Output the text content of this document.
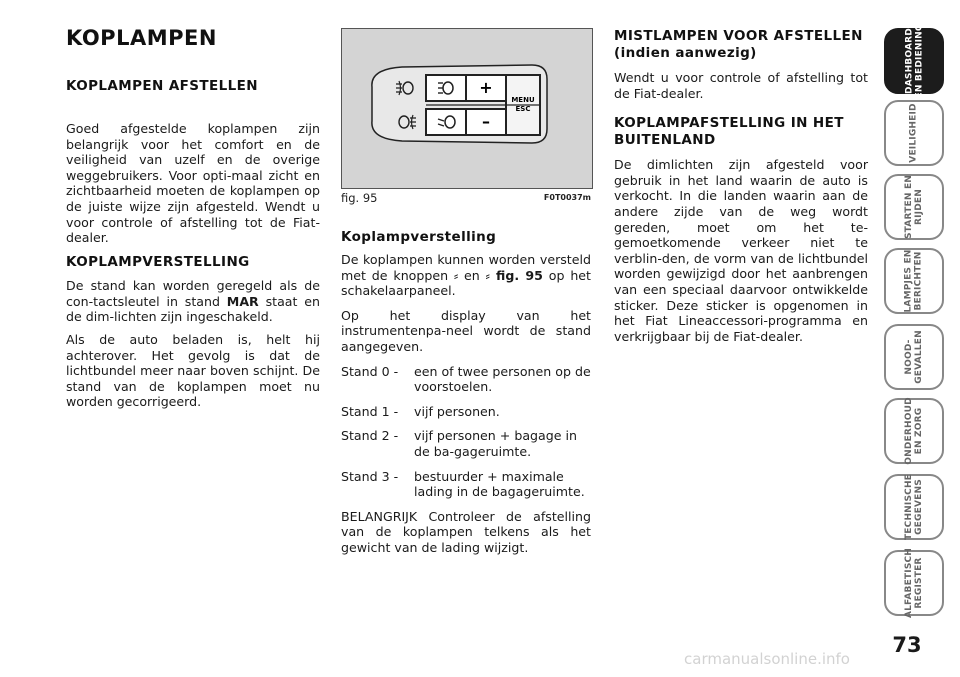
KOPLAMPEN
KOPLAMPEN AFSTELLEN

Goed afgestelde koplampen zijn belangrijk voor het comfort en de veiligheid van uzelf en de overige weggebruikers. Voor opti-maal zicht en zichtbaarheid moeten de koplampen op de juiste wijze zijn afgesteld. Wendt u voor controle of afstelling tot de Fiat-dealer.

KOPLAMPVERSTELLING

De stand kan worden geregeld als de con-tactsleutel in stand MAR staat en de dim-lichten zijn ingeschakeld.

Als de auto beladen is, helt hij achterover. Het gevolg is dat de lichtbundel meer naar boven schijnt. De stand van de koplampen moet nu worden gecorrigeerd.

+
–
MENU
ESC
fig. 95	F0T0037m
Koplampverstelling

De koplampen kunnen worden versteld met de knoppen ⸗ en ⸗ fig. 95 op het schakelaarpaneel.

Op het display van het instrumentenpa-neel wordt de stand aangegeven.

Stand 0 -	een of twee personen op de voorstoelen.
Stand 1 -	vijf personen.
Stand 2 -	vijf personen + bagage in de ba-gageruimte.
Stand 3 -	bestuurder + maximale lading in de bagageruimte.

BELANGRIJK Controleer de afstelling van de koplampen telkens als het gewicht van de lading wijzigt.

MISTLAMPEN VOOR AFSTELLEN
(indien aanwezig)

Wendt u voor controle of afstelling tot de Fiat-dealer.

KOPLAMPAFSTELLING IN HET BUITENLAND

De dimlichten zijn afgesteld voor gebruik in het land waarin de auto is verkocht. In die landen waarin aan de andere zijde van de weg wordt gereden, moet om het te-gemoetkomende verkeer niet te verblin-den, de vorm van de lichtbundel worden gewijzigd door het aanbrengen van een speciaal daarvoor ontwikkelde sticker. Deze sticker is opgenomen in het Fiat Lineaccessori-programma en verkrijgbaar bij de Fiat-dealer.

DASHBOARD
EN BEDIENING
VEILIGHEID
STARTEN EN
RIJDEN
LAMPJES EN
BERICHTEN
NOOD-
GEVALLEN
ONDERHOUD
EN ZORG
TECHNISCHE
GEGEVENS
ALFABETISCH
REGISTER
73
carmanualsonline.info
